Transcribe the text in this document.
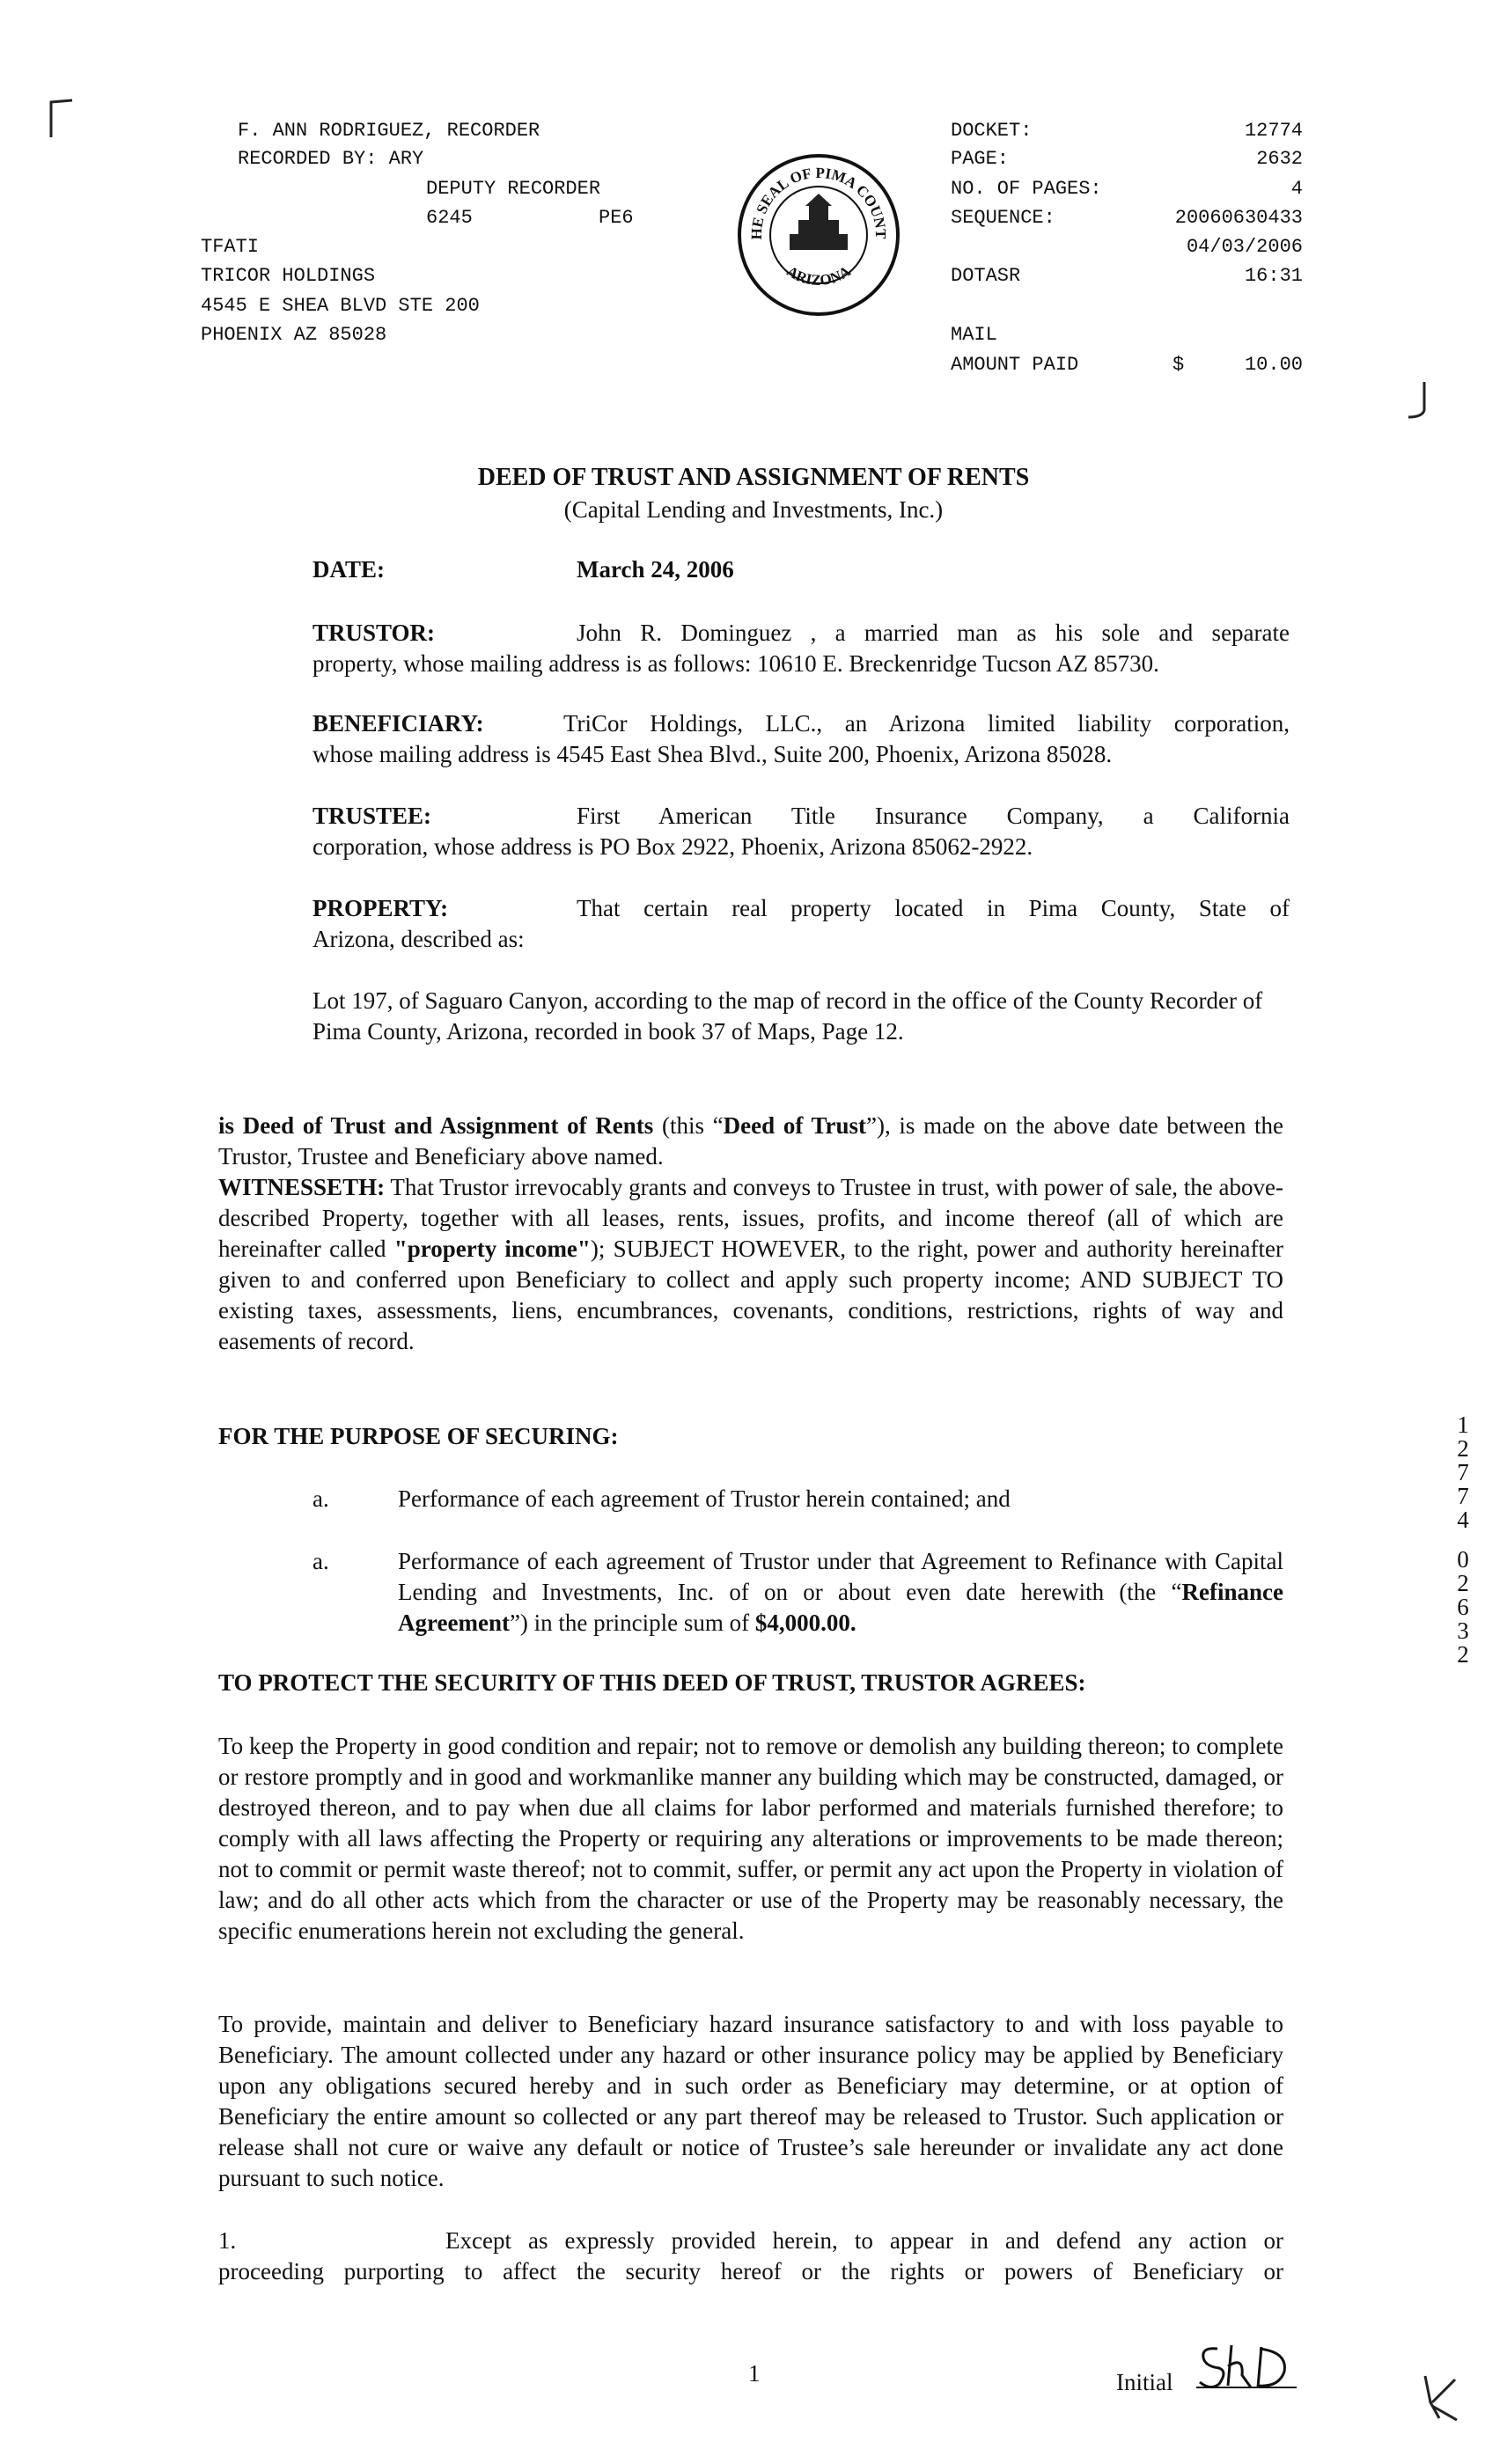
F. ANN RODRIGUEZ, RECORDER
RECORDED BY: ARY
DEPUTY RECORDER
6245	PE6
TFATI
TRICOR HOLDINGS
4545 E SHEA BLVD STE 200
PHOENIX AZ 85028
HE SEAL OF PIMA COUNT
ARIZONA
DOCKET:	12774
PAGE:	2632
NO. OF PAGES:	4
SEQUENCE:	20060630433
04/03/2006
DOTASR	16:31
MAIL
AMOUNT PAID	$	10.00
DEED OF TRUST AND ASSIGNMENT OF RENTS
(Capital Lending and Investments, Inc.)
DATE:	March 24, 2006
TRUSTOR:	John R. Dominguez , a married man as his sole and separate
property, whose mailing address is as follows: 10610 E. Breckenridge Tucson AZ 85730.
BENEFICIARY:	TriCor Holdings, LLC., an Arizona limited liability corporation,
whose mailing address is 4545 East Shea Blvd., Suite 200, Phoenix, Arizona 85028.
TRUSTEE:	First American Title Insurance Company, a California
corporation, whose address is PO Box 2922, Phoenix, Arizona 85062-2922.
PROPERTY:	That certain real property located in Pima County, State of
Arizona, described as:
Lot 197, of Saguaro Canyon, according to the map of record in the office of the County Recorder of Pima County, Arizona, recorded in book 37 of Maps, Page 12.
is Deed of Trust and Assignment of Rents (this “Deed of Trust”), is made on the above date between the Trustor, Trustee and Beneficiary above named.
WITNESSETH: That Trustor irrevocably grants and conveys to Trustee in trust, with power of sale, the above-described Property, together with all leases, rents, issues, profits, and income thereof (all of which are hereinafter called "property income"); SUBJECT HOWEVER, to the right, power and authority hereinafter given to and conferred upon Beneficiary to collect and apply such property income; AND SUBJECT TO existing taxes, assessments, liens, encumbrances, covenants, conditions, restrictions, rights of way and easements of record.
FOR THE PURPOSE OF SECURING:
a.	Performance of each agreement of Trustor herein contained; and
a.	Performance of each agreement of Trustor under that Agreement to Refinance with Capital Lending and Investments, Inc. of on or about even date herewith (the “Refinance Agreement”) in the principle sum of $4,000.00.
TO PROTECT THE SECURITY OF THIS DEED OF TRUST, TRUSTOR AGREES:
To keep the Property in good condition and repair; not to remove or demolish any building thereon; to complete or restore promptly and in good and workmanlike manner any building which may be constructed, damaged, or destroyed thereon, and to pay when due all claims for labor performed and materials furnished therefore; to comply with all laws affecting the Property or requiring any alterations or improvements to be made thereon; not to commit or permit waste thereof; not to commit, suffer, or permit any act upon the Property in violation of law; and do all other acts which from the character or use of the Property may be reasonably necessary, the specific enumerations herein not excluding the general.
To provide, maintain and deliver to Beneficiary hazard insurance satisfactory to and with loss payable to Beneficiary. The amount collected under any hazard or other insurance policy may be applied by Beneficiary upon any obligations secured hereby and in such order as Beneficiary may determine, or at option of Beneficiary the entire amount so collected or any part thereof may be released to Trustor. Such application or release shall not cure or waive any default or notice of Trustee’s sale hereunder or invalidate any act done pursuant to such notice.
1.	Except as expressly provided herein, to appear in and defend any action or
proceeding purporting to affect the security hereof or the rights or powers of Beneficiary or
1
2
7
7
4
0
2
6
3
2
1	Initial
